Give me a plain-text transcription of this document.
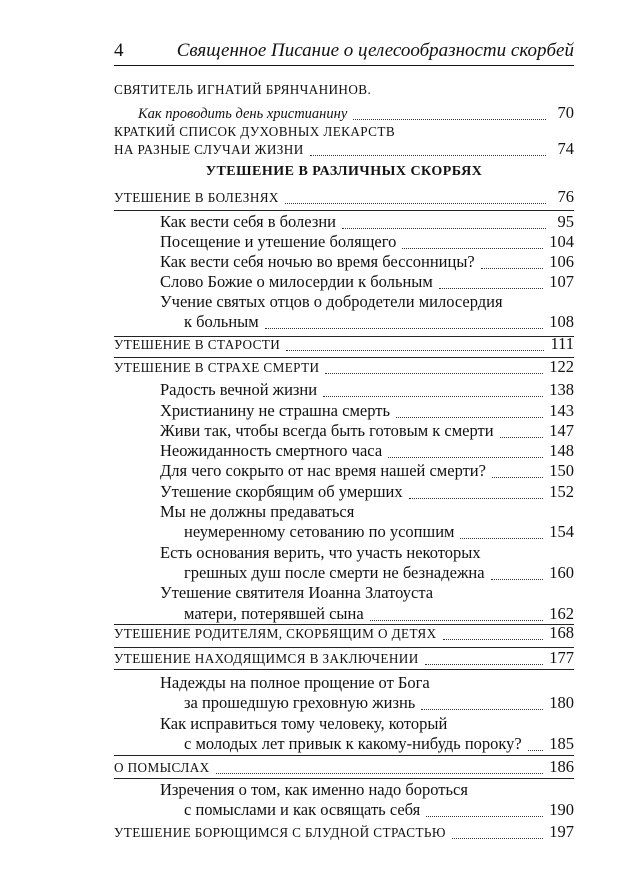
4	Священное Писание о целесообразности скорбей
СВЯТИТЕЛЬ ИГНАТИЙ БРЯНЧАНИНОВ.
Как проводить день христианину	70
КРАТКИЙ СПИСОК ДУХОВНЫХ ЛЕКАРСТВ
НА РАЗНЫЕ СЛУЧАИ ЖИЗНИ	74
УТЕШЕНИЕ В РАЗЛИЧНЫХ СКОРБЯХ
УТЕШЕНИЕ В БОЛЕЗНЯХ	76
Как вести себя в болезни	95
Посещение и утешение болящего	104
Как вести себя ночью во время бессонницы?	106
Слово Божие о милосердии к больным	107
Учение святых отцов о добродетели милосердия
к больным	108
УТЕШЕНИЕ В СТАРОСТИ	111
УТЕШЕНИЕ В СТРАХЕ СМЕРТИ	122
Радость вечной жизни	138
Христианину не страшна смерть	143
Живи так, чтобы всегда быть готовым к смерти	147
Неожиданность смертного часа	148
Для чего сокрыто от нас время нашей смерти?	150
Утешение скорбящим об умерших	152
Мы не должны предаваться
неумеренному сетованию по усопшим	154
Есть основания верить, что участь некоторых
грешных душ после смерти не безнадежна	160
Утешение святителя Иоанна Златоуста
матери, потерявшей сына	162
УТЕШЕНИЕ РОДИТЕЛЯМ, СКОРБЯЩИМ О ДЕТЯХ	168
УТЕШЕНИЕ НАХОДЯЩИМСЯ В ЗАКЛЮЧЕНИИ	177
Надежды на полное прощение от Бога
за прошедшую греховную жизнь	180
Как исправиться тому человеку, который
с молодых лет привык к какому-нибудь пороку? 185
О ПОМЫСЛАХ	186
Изречения о том, как именно надо бороться
с помыслами и как освящать себя	190
УТЕШЕНИЕ БОРЮЩИМСЯ С БЛУДНОЙ СТРАСТЬЮ	197
